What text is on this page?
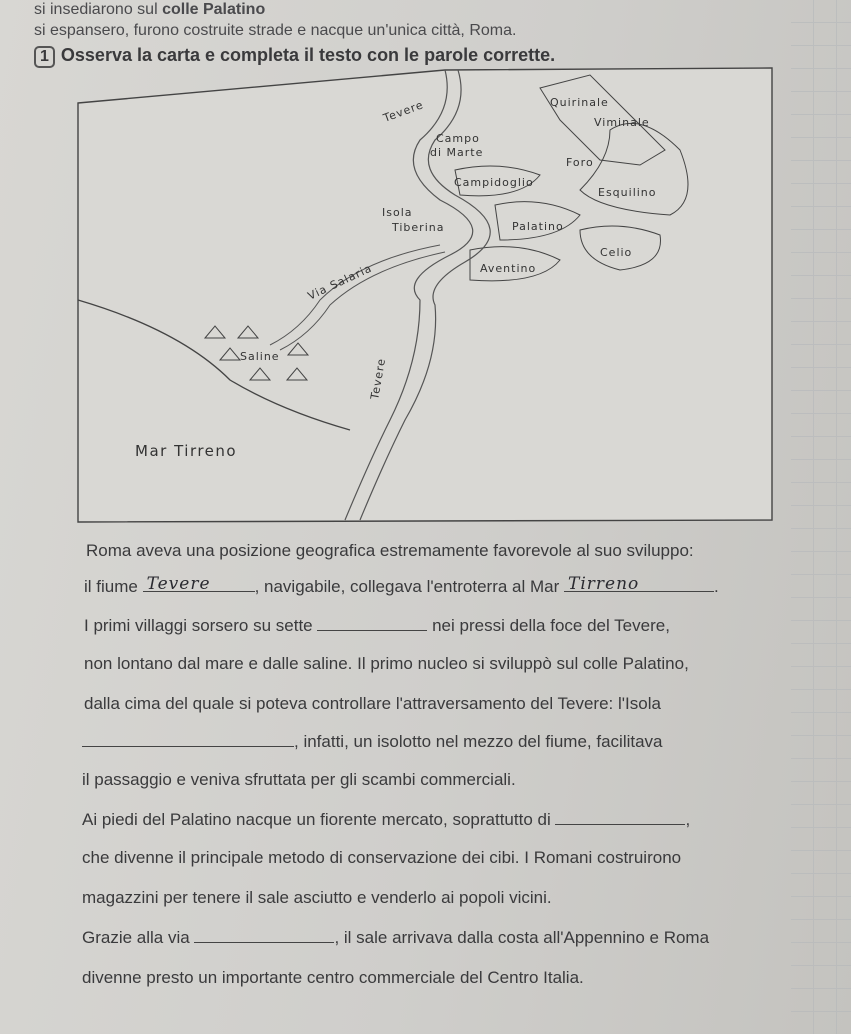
si insediarono sul colle Palatino
si espansero, furono costruite strade e nacque un'unica città, Roma.
1 Osserva la carta e completa il testo con le parole corrette.
Tevere
Campo
di Marte
Quirinale
Viminale
Foro
Campidoglio
Esquilino
Isola
Tiberina	Palatino
Celio
Aventino
Via Salaria
Saline
Tevere
Mar Tirreno
Roma aveva una posizione geografica estremamente favorevole al suo sviluppo:
il fiume Tevere	, navigabile, collegava l'entroterra al Mar Tirreno	.
I primi villaggi sorsero su sette	nei pressi della foce del Tevere,
non lontano dal mare e dalle saline. Il primo nucleo si sviluppò sul colle Palatino,
dalla cima del quale si poteva controllare l'attraversamento del Tevere: l'Isola
, infatti, un isolotto nel mezzo del fiume, facilitava
il passaggio e veniva sfruttata per gli scambi commerciali.
Ai piedi del Palatino nacque un fiorente mercato, soprattutto di	,
che divenne il principale metodo di conservazione dei cibi. I Romani costruirono
magazzini per tenere il sale asciutto e venderlo ai popoli vicini.
Grazie alla via	, il sale arrivava dalla costa all'Appennino e Roma
divenne presto un importante centro commerciale del Centro Italia.
